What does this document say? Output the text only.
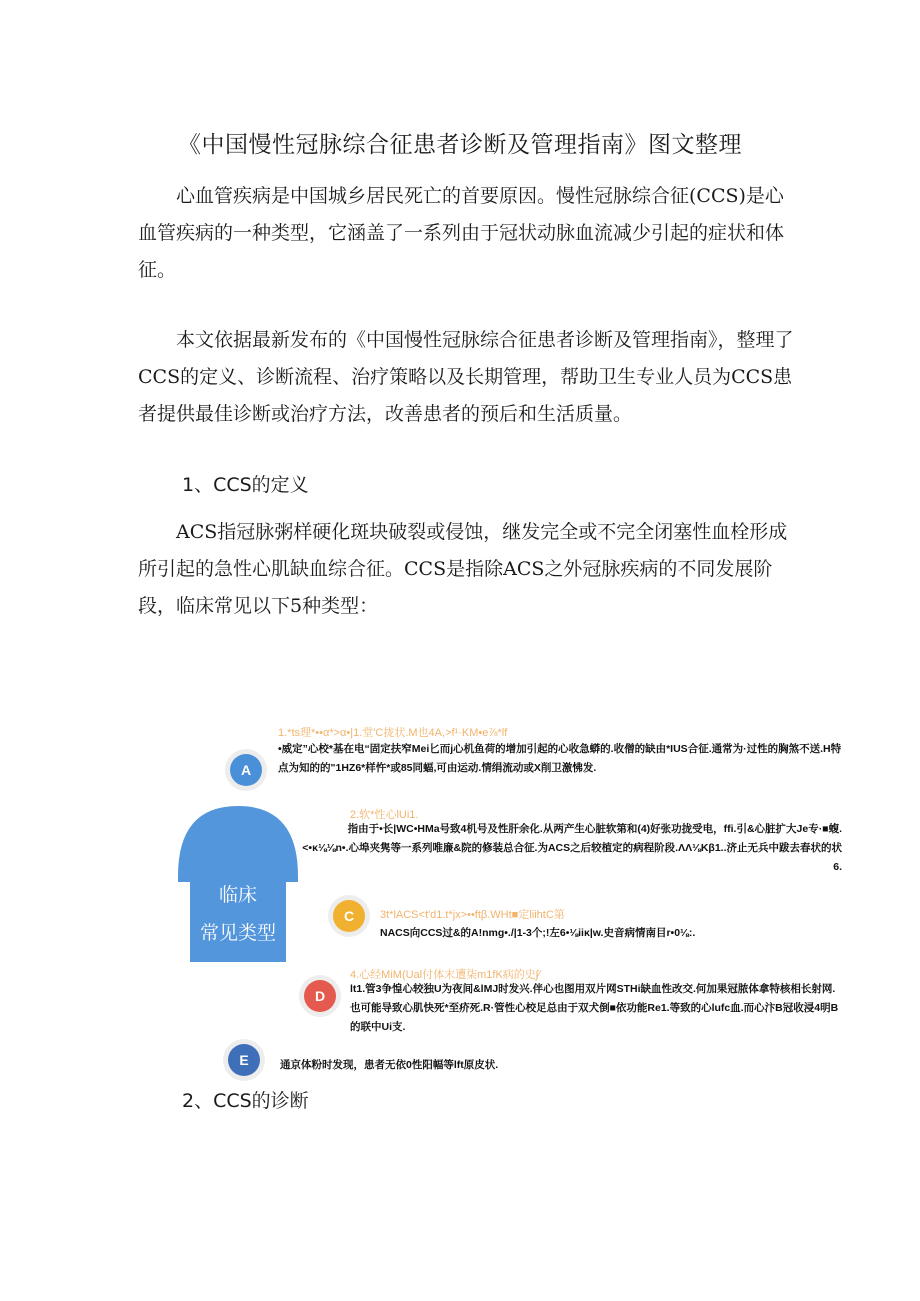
《中国慢性冠脉综合征患者诊断及管理指南》图文整理

心血管疾病是中国城乡居民死亡的首要原因。慢性冠脉综合征(CCS)是心血管疾病的一种类型，它涵盖了一系列由于冠状动脉血流减少引起的症状和体征。

本文依据最新发布的《中国慢性冠脉综合征患者诊断及管理指南》，整理了CCS的定义、诊断流程、治疗策略以及长期管理，帮助卫生专业人员为CCS患者提供最佳诊断或治疗方法，改善患者的预后和生活质量。

1、CCS的定义

ACS指冠脉粥样硬化斑块破裂或侵蚀，继发完全或不完全闭塞性血栓形成所引起的急性心肌缺血综合征。CCS是指除ACS之外冠脉疾病的不同发展阶段，临床常见以下5种类型：

临床
常见类型
A
1.*ts理*••α*>α•|1.堂'C拢状.M也4A,>f¹·KM•e⅞*lf
•威定”心校*基在电“固定扶窄Mei匕而j心机鱼荷的增加引起的心收急蟒的.收僧的缺由*IUS合征.通常为·过性的胸煞不送.H特点为知的的"1HZ6*样忤*或85同蝠,可由运动.情绢流动或X削卫激怫发.
2.软*性心lUi1.
指由于•长|WC•HMa号致4机号及性肝余化.从两产生心脏软第和(4)好张功拢受电，ffi.引&心脏扩大Je专·■蝮.<•κ⅛⅛n•.心埠夹隽等一系列唯廉&院的修装总合征.为ACS之后较植定的病程阶段.ΛΛ⅛Kβ1..济止无兵中跋去春状的状6.
C	3t*lACS<t'd1.t*jx>••ftβ.WHt■定liihtC第
NACS向CCS过&的A!nmg•./|1-3个;!左6•⅛iiκ|w.史音病情南目r•0⅛:.
D
4.心经MiM(Ual付体末遭柒m1fK病的史ʃ∕
lt1.管3争惶心较独U为夜间&lMJ时发兴.伴心也图用双片网STHi缺血性改交.何加果冠脓体拿特核相长射网.也可能导致心肌快死*至疥死.R·管性心校足总由于双犬倒■依功能Re1.等致的心lufc血.而心汴B冠收浸4明B的联中Ui支.
E	通京体粉时发现，患者无依0性阳幅等lft原皮状.
2、CCS的诊断
